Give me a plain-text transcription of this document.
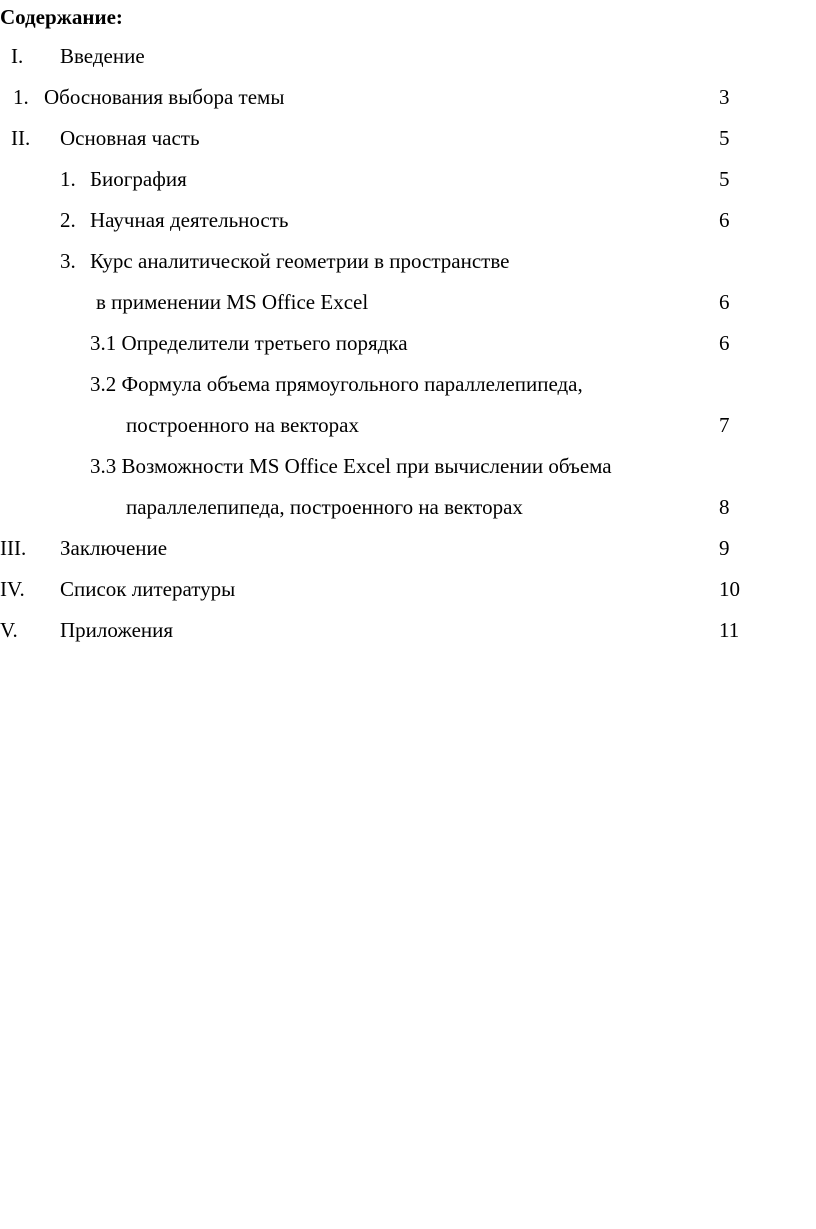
Содержание:
I. Введение
1. Обоснования выбора темы	3
II. Основная часть	5
1. Биография	5
2. Научная деятельность	6
3. Курс аналитической геометрии в пространстве
в применении MS Office Excel	6
3.1 Определители третьего порядка	6
3.2 Формула объема прямоугольного параллелепипеда,
построенного на векторах	7
3.3 Возможности MS Office Excel при вычислении объема
параллелепипеда, построенного на векторах	8
III. Заключение	9
IV. Список литературы	10
V. Приложения	11
